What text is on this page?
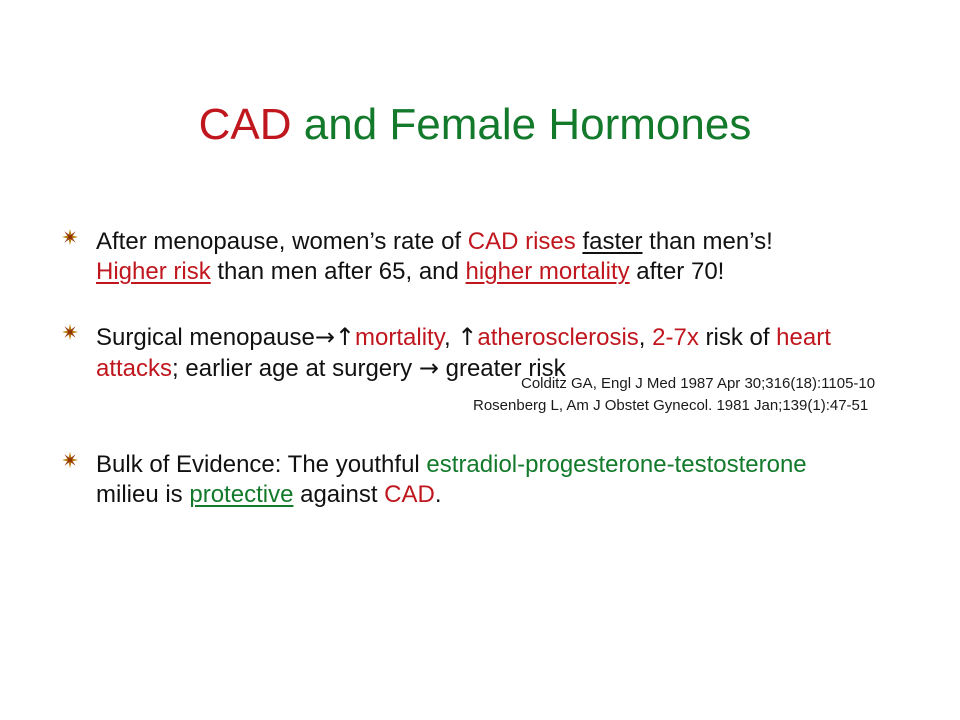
CAD and Female Hormones
After menopause, women’s rate of CAD rises faster than men’s!
Higher risk than men after 65, and higher mortality after 70!
Surgical menopause→↑mortality, ↑atherosclerosis, 2-7x risk of heart
attacks; earlier age at surgery → greater risk
Colditz GA, Engl J Med 1987 Apr 30;316(18):1105-10
Rosenberg L, Am J Obstet Gynecol. 1981 Jan;139(1):47-51
Bulk of Evidence: The youthful estradiol-progesterone-testosterone
milieu is protective against CAD.
